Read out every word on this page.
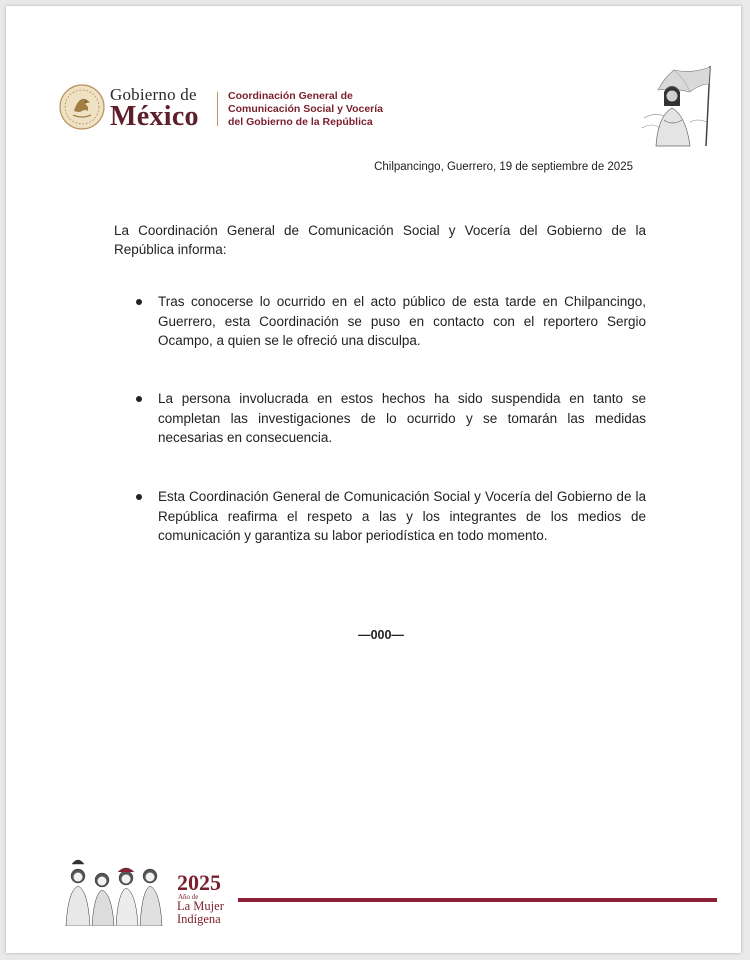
Gobierno de
México
Coordinación General de
Comunicación Social y Vocería
del Gobierno de la República
Chilpancingo, Guerrero, 19 de septiembre de 2025
La Coordinación General de Comunicación Social y Vocería del Gobierno de la República informa:
Tras conocerse lo ocurrido en el acto público de esta tarde en Chilpancingo, Guerrero, esta Coordinación se puso en contacto con el reportero Sergio Ocampo, a quien se le ofreció una disculpa.
La persona involucrada en estos hechos ha sido suspendida en tanto se completan las investigaciones de lo ocurrido y se tomarán las medidas necesarias en consecuencia.
Esta Coordinación General de Comunicación Social y Vocería del Gobierno de la República reafirma el respeto a las y los integrantes de los medios de comunicación y garantiza su labor periodística en todo momento.
—000—
2025
Año de
La Mujer
Indígena
